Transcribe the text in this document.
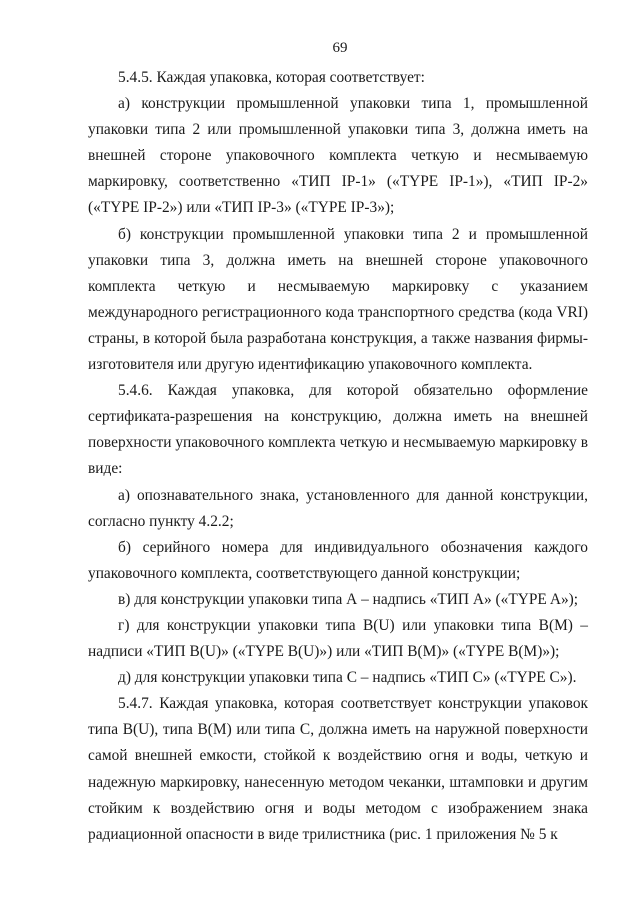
69

5.4.5. Каждая упаковка, которая соответствует:

а) конструкции промышленной упаковки типа 1, промышленной упаковки типа 2 или промышленной упаковки типа 3, должна иметь на внешней стороне упаковочного комплекта четкую и несмываемую маркировку, соответственно «ТИП IP-1» («TYPE IP-1»), «ТИП IP-2» («TYPE IP-2») или «ТИП IP-3» («TYPE IP-3»);

б) конструкции промышленной упаковки типа 2 и промышленной упаковки типа 3, должна иметь на внешней стороне упаковочного комплекта четкую и несмываемую маркировку с указанием международного регистрационного кода транспортного средства (кода VRI) страны, в которой была разработана конструкция, а также названия фирмы-изготовителя или другую идентификацию упаковочного комплекта.

5.4.6. Каждая упаковка, для которой обязательно оформление сертификата-разрешения на конструкцию, должна иметь на внешней поверхности упаковочного комплекта четкую и несмываемую маркировку в виде:

а) опознавательного знака, установленного для данной конструкции, согласно пункту 4.2.2;

б) серийного номера для индивидуального обозначения каждого упаковочного комплекта, соответствующего данной конструкции;

в) для конструкции упаковки типа А – надпись «ТИП А» («TYPE A»);

г) для конструкции упаковки типа B(U) или упаковки типа B(M) – надписи «ТИП B(U)» («TYPE B(U)») или «ТИП B(M)» («TYPE B(M)»);

д) для конструкции упаковки типа С – надпись «ТИП С» («TYPE C»).

5.4.7. Каждая упаковка, которая соответствует конструкции упаковок типа B(U), типа B(M) или типа C, должна иметь на наружной поверхности самой внешней емкости, стойкой к воздействию огня и воды, четкую и надежную маркировку, нанесенную методом чеканки, штамповки и другим стойким к воздействию огня и воды методом с изображением знака радиационной опасности в виде трилистника (рис. 1 приложения № 5 к
